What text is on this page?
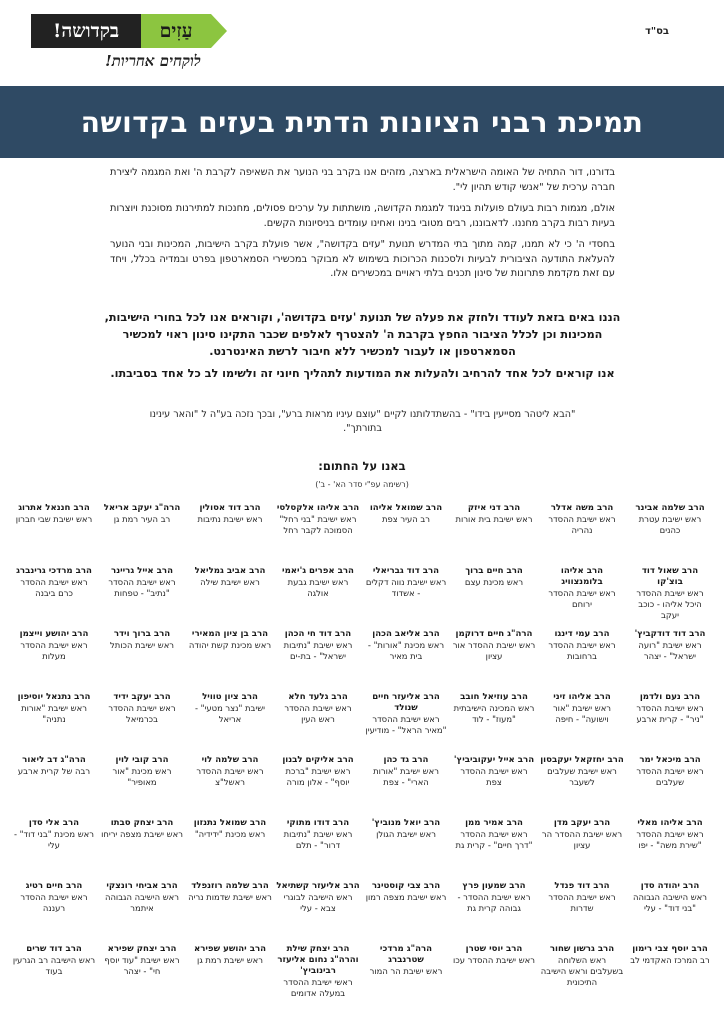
בס"ד
בקדושה!	עַזִים
לוקחים אחריות!
תמיכת רבני הציונות הדתית בעזים בקדושה

בדורנו, דור התחיה של האומה הישראלית בארצה, מזהים אנו בקרב בני הנוער את השאיפה לקרבת ה' ואת המגמה ליצירת חברה ערכית של "אנשי קודש תהיון לי".

אולם, מגמות רבות בעולם פועלות בניגוד למגמת הקדושה, מושתתות על ערכים פסולים, מחנכות למתירנות מסוכנת ויוצרות בעיות רבות בקרב מחננו. לדאבוננו, רבים מטובי בנינו ואחינו עומדים בניסיונות הקשים.

בחסדי ה' כי לא תמנו, קמה מתוך בתי המדרש תנועת "עזים בקדושה", אשר פועלת בקרב הישיבות, המכינות ובני הנוער להעלאת התודעה הציבורית לבעיות ולסכנות הכרוכות בשימוש לא מבוקר במכשירי הסמארטפון בפרט ובמדיה בכלל, ויחד עם זאת מקדמת פתרונות של סינון תכנים בלתי ראויים במכשירים אלו.

הננו באים בזאת לעודד ולחזק את פעלה של תנועת 'עזים בקדושה', וקוראים אנו לכל בחורי הישיבות, המכינות וכן לכלל הציבור החפץ בקרבת ה' להצטרף לאלפים שכבר התקינו סינון ראוי למכשיר הסמארטפון או לעבור למכשיר ללא חיבור לרשת האינטרנט.

אנו קוראים לכל אחד להרחיב ולהעלות את המודעות לתהליך חיוני זה ולשימו לב כל אחד בסביבתו.

"הבא ליטהר מסייעין בידו" - בהשתדלותנו לקיים "עוצם עיניו מראות ברע", ובכך נזכה בע"ה ל "והאר עינינו בתורתך".
באנו על החתום:
(רשימה עפ"י סדר הא' - ב')
הרב שלמה אבינר
ראש ישיבת עטרת כהנים
הרב משה אדלר
ראש ישיבת ההסדר נהריה
הרב דני איזק
ראש ישיבת בית אורות
הרב שמואל אליהו
רב העיר צפת
הרב אליהו אלקסלסי
ראש ישיבת "בני רחל" הסמוכה לקבר רחל
הרב דוד אסולין
ראש ישיבת נתיבות
הרה"ג יעקב אריאל
רב העיר רמת גן
הרב חננאל אתרוג
ראש ישיבת שבי חברון
הרב שאול דוד בוצ'קו
ראש ישיבת ההסדר היכל אליהו - כוכב יעקב
הרב אליהו בלומנצוויג
ראש ישיבת ההסדר ירוחם
הרב חיים ברוך
ראש מכינת עצם
הרב דוד גבריאלי
ראש ישיבת נווה דקלים - אשדוד
הרב אפרים ג'יאמי
ראש ישיבת גבעת אולגה
הרב אביב גמליאל
ראש ישיבת שילה
הרב אייל גריינר
ראש ישיבת ההסדר "נתיב" - טפחות
הרב מרדכי גרינברג
ראש ישיבת ההסדר כרם ביבנה
הרב דוד דודקביץ'
ראש ישיבת "רועה ישראל" - יצהר
הרב עמי דינגו
ראש ישיבת ההסדר ברחובות
הרה"ג חיים דרוקמן
ראש ישיבת ההסדר אור עציון
הרב אליאב הכהן
ראש מכינת "אורות" - בית מאיר
הרב דוד חי הכהן
ראש ישיבת "נתיבות ישראל" - בת-ים
הרב בן ציון המאירי
ראש מכינת קשת יהודה
הרב ברוך וידר
ראש ישיבת הכותל
הרב יהושע וייצמן
ראש ישיבת ההסדר מעלות
הרב נעם ולדמן
ראש ישיבת ההסדר "ניר" - קרית ארבע
הרב אליהו זיני
ראש ישיבת "אור וישועה" - חיפה
הרב עוזיאל חובב
ראש המכינה הישיבתית "מעוז" - לוד
הרב אליעזר חיים שנולד
ראש ישיבת ההסדר "מאיר הראל" - מודיעין
הרב גלעד חלא
ראש ישיבת ההסדר ראש העין
הרב ציון טוויל
ישיבת "נצר מטעי" - אריאל
הרב יעקב ידיד
ראש ישיבת ההסדר בכרמיאל
הרב נתנאל יוסיפון
ראש ישיבת "אורות נתניה"
הרב מיכאל ימר
ראש ישיבת ההסדר שעלבים
הרב יחזקאל יעקבסון
ראש ישיבת שעלבים לשעבר
הרב אייל יעקוביביץ'
ראש ישיבת ההסדר צפת
הרב גד כהן
ראש ישיבת "אורות הארי" - צפת
הרב אליקים לבנון
ראש ישיבת "ברכת יוסף" - אלון מורה
הרב שלמה לוי
ראש ישיבת ההסדר ראשל"צ
הרב קובי לוין
ראש מכינת "אור מאופיר"
הרה"ג דב ליאור
רבה של קרית ארבע
הרב אליהו מאלי
ראש ישיבת ההסדר "שירת משה" - יפו
הרב יעקב מדן
ראש ישיבת ההסדר הר עציון
הרב אמיר ממן
ראש ישיבת ההסדר "דרך חיים" - קרית גת
הרב יואל מנוביץ'
ראש ישיבת הגולן
הרב דודו מתוקי
ראש ישיבת "נתיבות דרור" - תלם
הרב שמואל נתנזון
ראש מכינת "ידידיה"
הרב יצחק סבתו
ראש ישיבת מצפה יריחו
הרב אלי סדן
ראש מכינת "בני דוד" - עלי
הרב יהודה סדן
ראש הישיבה הגבוהה "בני דוד" - עלי
הרב דוד פנדל
ראש ישיבת ההסדר שדרות
הרב שמעון פרץ
ראש ישיבת ההסדר - גבוהה קרית גת
הרב צבי קוסטינר
ראש ישיבת מצפה רמון
הרב אליעזר קשתיאל
ראש הישיבה לבוגרי צבא - עלי
הרב שלמה רוזנפלד
ראש ישיבת שדמות נריה
הרב אביחי רונצקי
ראש הישיבה הגבוהה איתמר
הרב חיים רטיג
ראש ישיבת ההסדר רעננה
הרב יוסף צבי רימון
רב המרכז האקדמי לב
הרב גרשון שחור
ראש השלוחה בשעלבים וראש הישיבה התיכונית
הרב יוסי שטרן
ראש ישיבת ההסדר עכו
הרה"ג מרדכי שטרנברג
ראש ישיבת הר המור
הרב יצחק שילת והרה"ג נחום אליעזר רבינוביץ'
ראשי ישיבת ההסדר במעלה אדומים
הרב יהושע שפירא
ראש ישיבת רמת גן
הרב יצחק שפירא
ראש ישיבת "עוד יוסף חי" - יצהר
הרב דוד שרים
ראש הישיבה רב הגרעין בעוד
